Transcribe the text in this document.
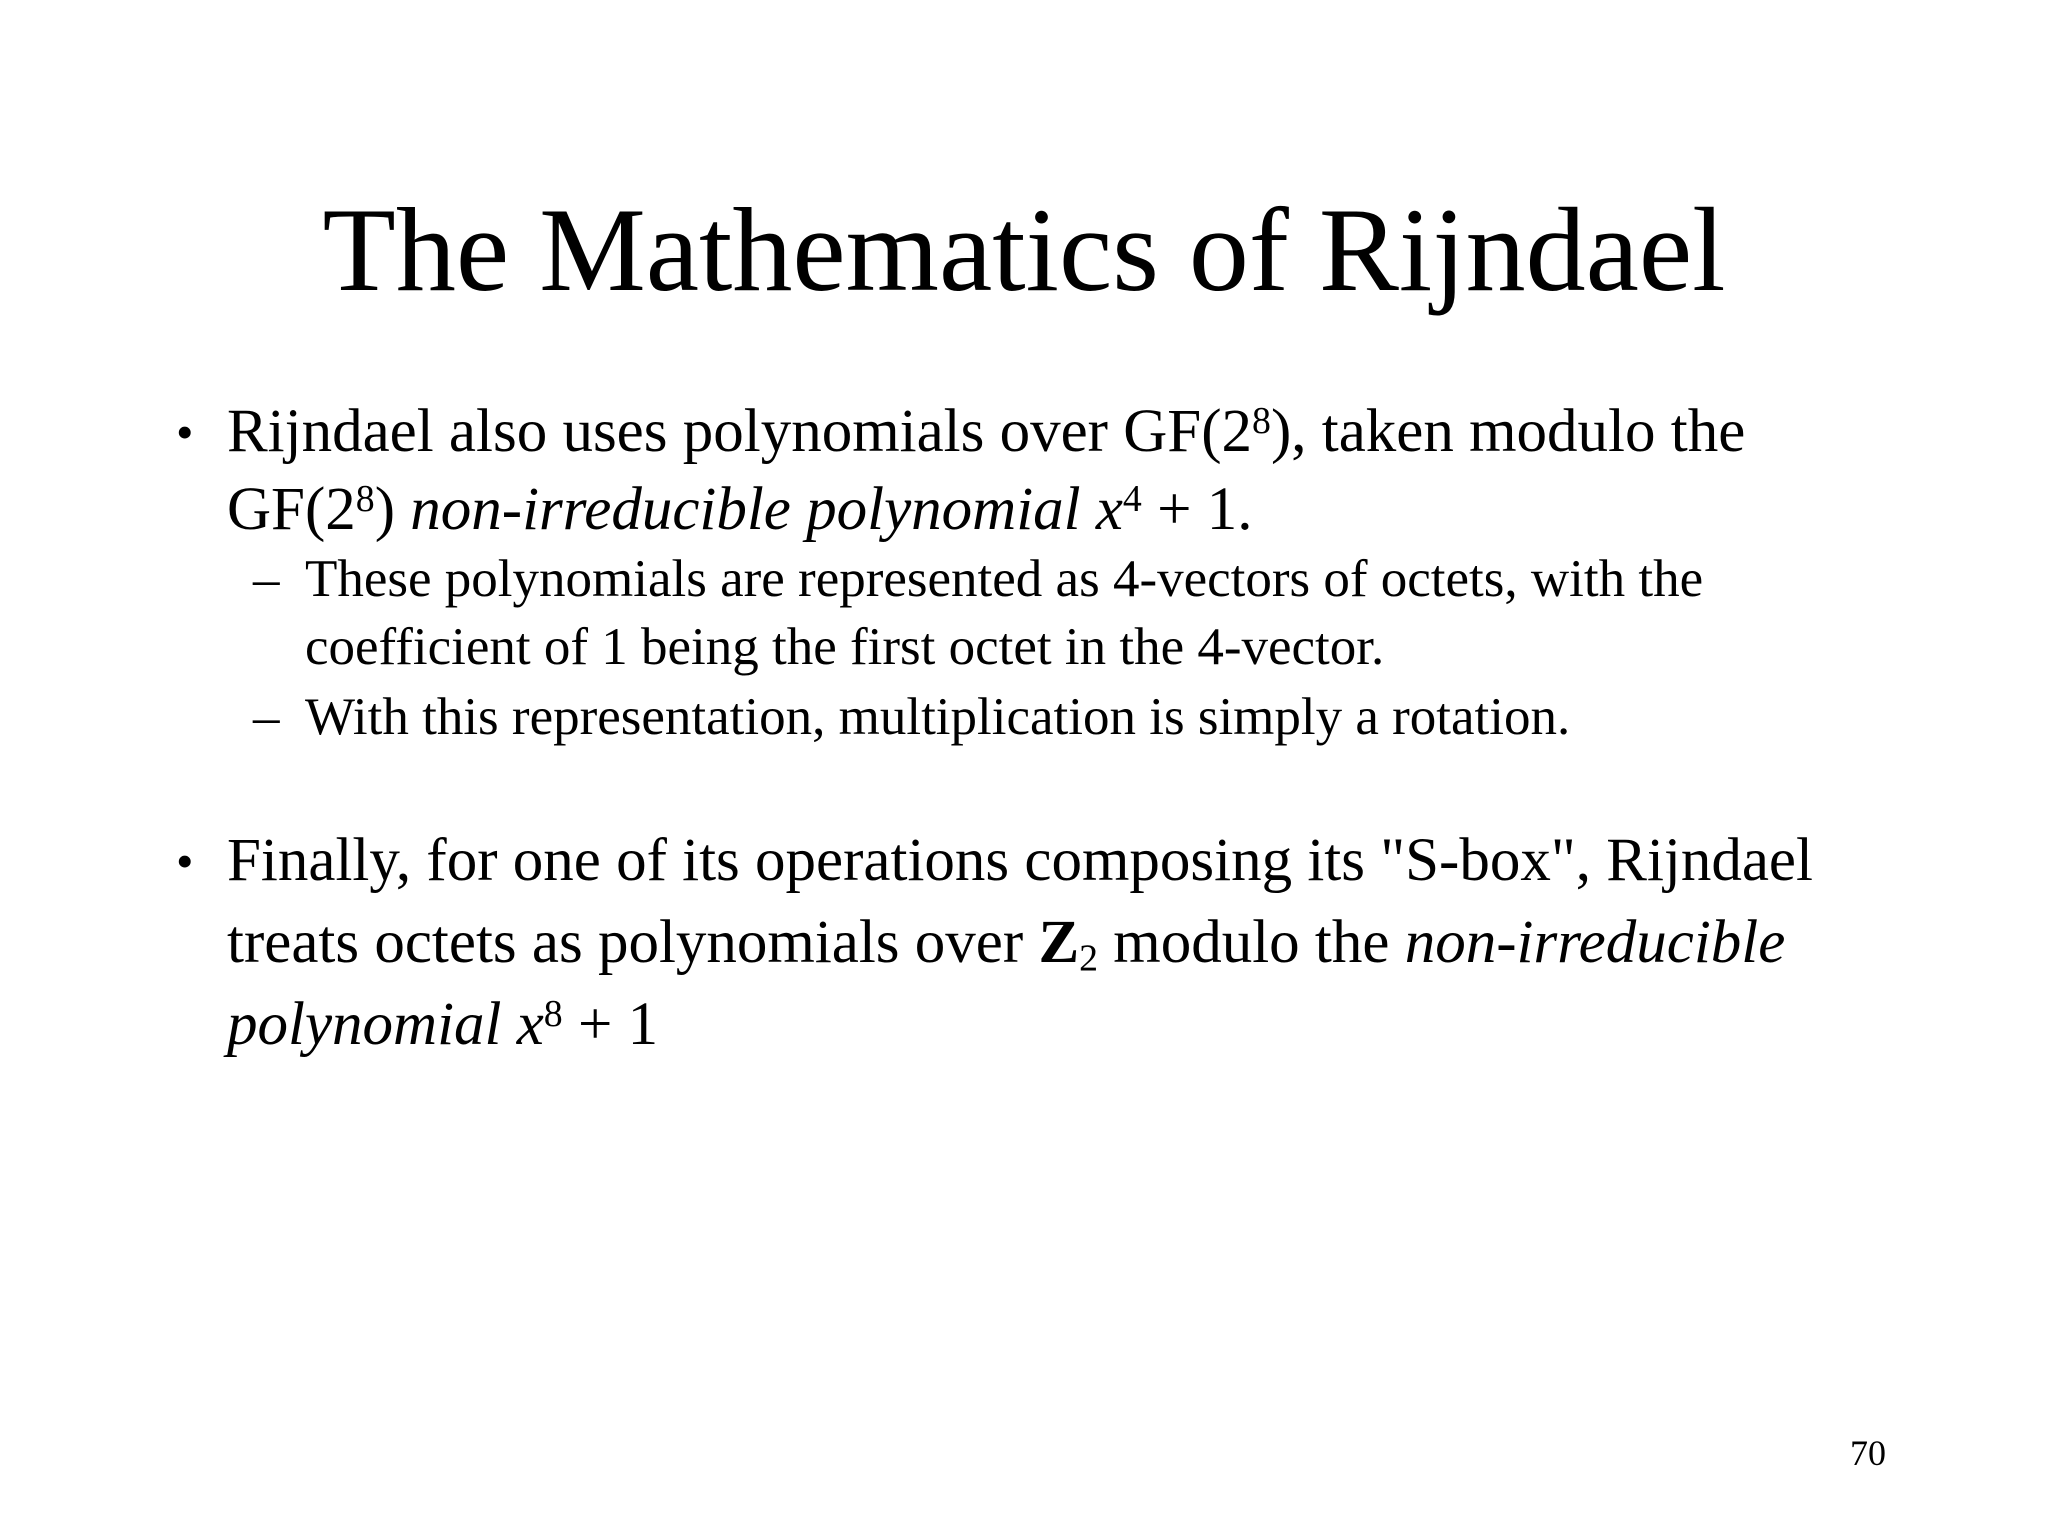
The Mathematics of Rijndael
• Rijndael also uses polynomials over $GF(2^8)$, taken modulo the
$GF(2^8)$ non-irreducible polynomial $x^4 + 1$.
– These polynomials are represented as 4-vectors of octets, with the
coefficient of 1 being the first octet in the 4-vector.
– With this representation, multiplication is simply a rotation.
• Finally, for one of its operations composing its "S-box", Rijndael
treats octets as polynomials over $Z_2$ modulo the non-irreducible
polynomial $x^8 + 1$
70
